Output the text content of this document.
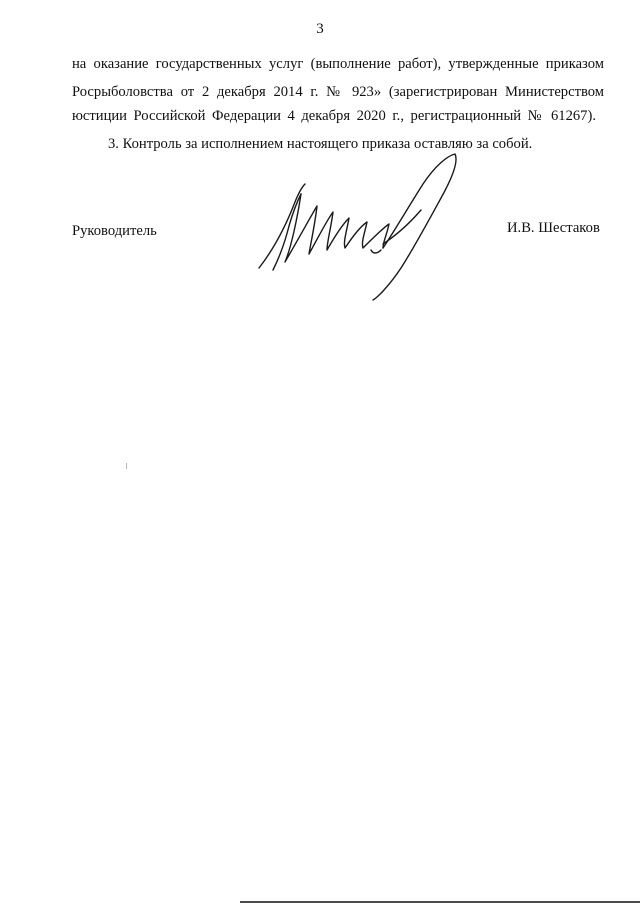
3
на оказание государственных услуг (выполнение работ), утвержденные приказом
Росрыболовства от 2 декабря 2014 г. № 923» (зарегистрирован Министерством
юстиции Российской Федерации 4 декабря 2020 г., регистрационный № 61267).
3. Контроль за исполнением настоящего приказа оставляю за собой.
Руководитель	И.В. Шестаков
